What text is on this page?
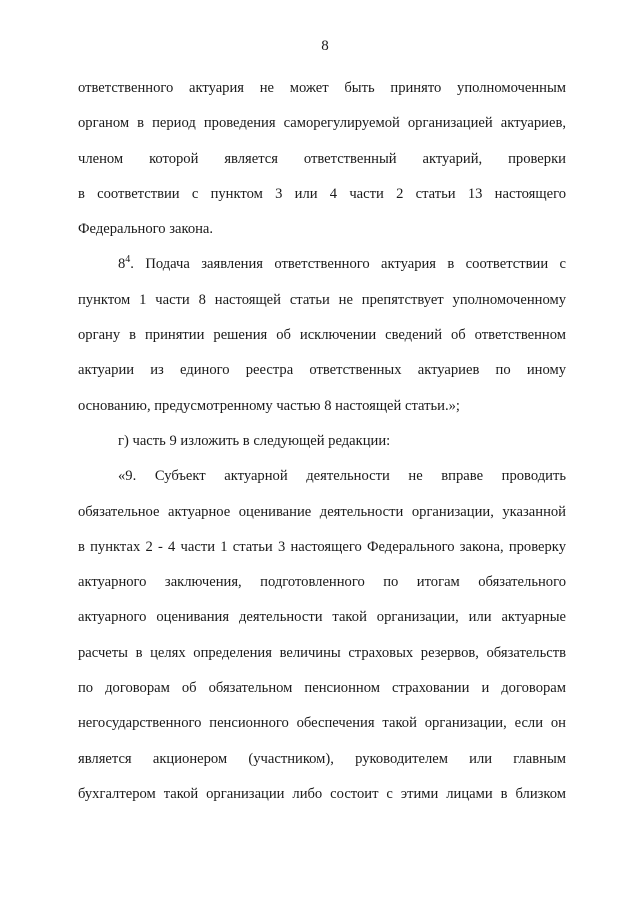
8
ответственного актуария не может быть принято уполномоченным
органом в период проведения саморегулируемой организацией актуариев,
членом которой является ответственный актуарий, проверки
в соответствии с пунктом 3 или 4 части 2 статьи 13 настоящего
Федерального закона.
$8^4$. Подача заявления ответственного актуария в соответствии с
пунктом 1 части 8 настоящей статьи не препятствует уполномоченному
органу в принятии решения об исключении сведений об ответственном
актуарии из единого реестра ответственных актуариев по иному
основанию, предусмотренному частью 8 настоящей статьи.»;
г) часть 9 изложить в следующей редакции:
«9. Субъект актуарной деятельности не вправе проводить
обязательное актуарное оценивание деятельности организации, указанной
в пунктах 2 - 4 части 1 статьи 3 настоящего Федерального закона, проверку
актуарного заключения, подготовленного по итогам обязательного
актуарного оценивания деятельности такой организации, или актуарные
расчеты в целях определения величины страховых резервов, обязательств
по договорам об обязательном пенсионном страховании и договорам
негосударственного пенсионного обеспечения такой организации, если он
является акционером (участником), руководителем или главным
бухгалтером такой организации либо состоит с этими лицами в близком
